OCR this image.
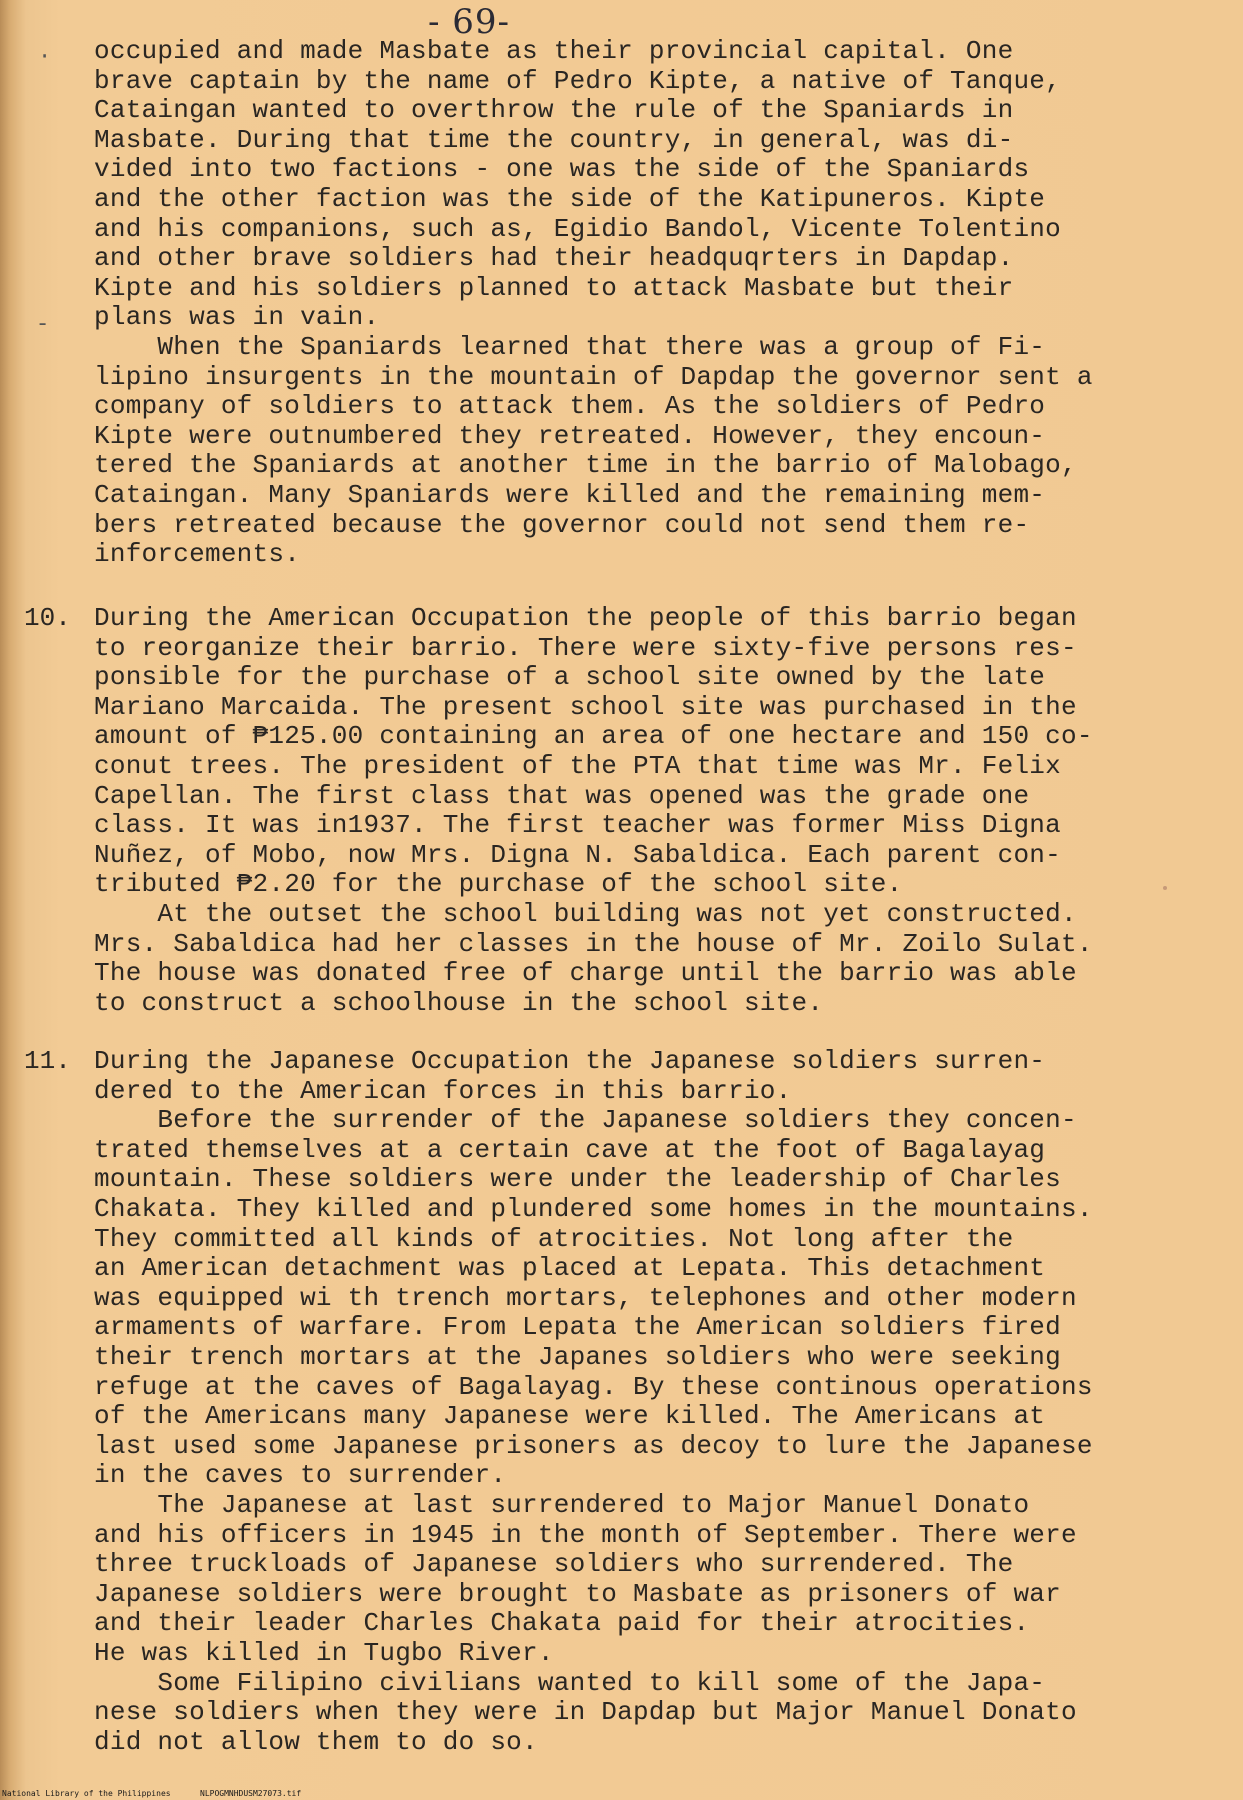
- 69-
·
-
occupied and made Masbate as their provincial capital. One
brave captain by the name of Pedro Kipte, a native of Tanque,
Cataingan wanted to overthrow the rule of the Spaniards in
Masbate. During that time the country, in general, was di-
vided into two factions - one was the side of the Spaniards
and the other faction was the side of the Katipuneros. Kipte
and his companions, such as, Egidio Bandol, Vicente Tolentino
and other brave soldiers had their headquqrters in Dapdap.
Kipte and his soldiers planned to attack Masbate but their
plans was in vain.
When the Spaniards learned that there was a group of Fi-
lipino insurgents in the mountain of Dapdap the governor sent a
company of soldiers to attack them. As the soldiers of Pedro
Kipte were outnumbered they retreated. However, they encoun-
tered the Spaniards at another time in the barrio of Malobago,
Cataingan. Many Spaniards were killed and the remaining mem-
bers retreated because the governor could not send them re-
inforcements.
10. During the American Occupation the people of this barrio began
to reorganize their barrio. There were sixty-five persons res-
ponsible for the purchase of a school site owned by the late
Mariano Marcaida. The present school site was purchased in the
amount of ₱125.00 containing an area of one hectare and 150 co-
conut trees. The president of the PTA that time was Mr. Felix
Capellan. The first class that was opened was the grade one
class. It was in1937. The first teacher was former Miss Digna
Nuñez, of Mobo, now Mrs. Digna N. Sabaldica. Each parent con-
tributed ₱2.20 for the purchase of the school site.
At the outset the school building was not yet constructed.
Mrs. Sabaldica had her classes in the house of Mr. Zoilo Sulat.
The house was donated free of charge until the barrio was able
to construct a schoolhouse in the school site.
11. During the Japanese Occupation the Japanese soldiers surren-
dered to the American forces in this barrio.
Before the surrender of the Japanese soldiers they concen-
trated themselves at a certain cave at the foot of Bagalayag
mountain. These soldiers were under the leadership of Charles
Chakata. They killed and plundered some homes in the mountains.
They committed all kinds of atrocities. Not long after the
an American detachment was placed at Lepata. This detachment
was equipped wi th trench mortars, telephones and other modern
armaments of warfare. From Lepata the American soldiers fired
their trench mortars at the Japanes soldiers who were seeking
refuge at the caves of Bagalayag. By these continous operations
of the Americans many Japanese were killed. The Americans at
last used some Japanese prisoners as decoy to lure the Japanese
in the caves to surrender.
The Japanese at last surrendered to Major Manuel Donato
and his officers in 1945 in the month of September. There were
three truckloads of Japanese soldiers who surrendered. The
Japanese soldiers were brought to Masbate as prisoners of war
and their leader Charles Chakata paid for their atrocities.
He was killed in Tugbo River.
Some Filipino civilians wanted to kill some of the Japa-
nese soldiers when they were in Dapdap but Major Manuel Donato
did not allow them to do so.
National Library of the Philippines	NLPOGMNHDUSM27073.tif
